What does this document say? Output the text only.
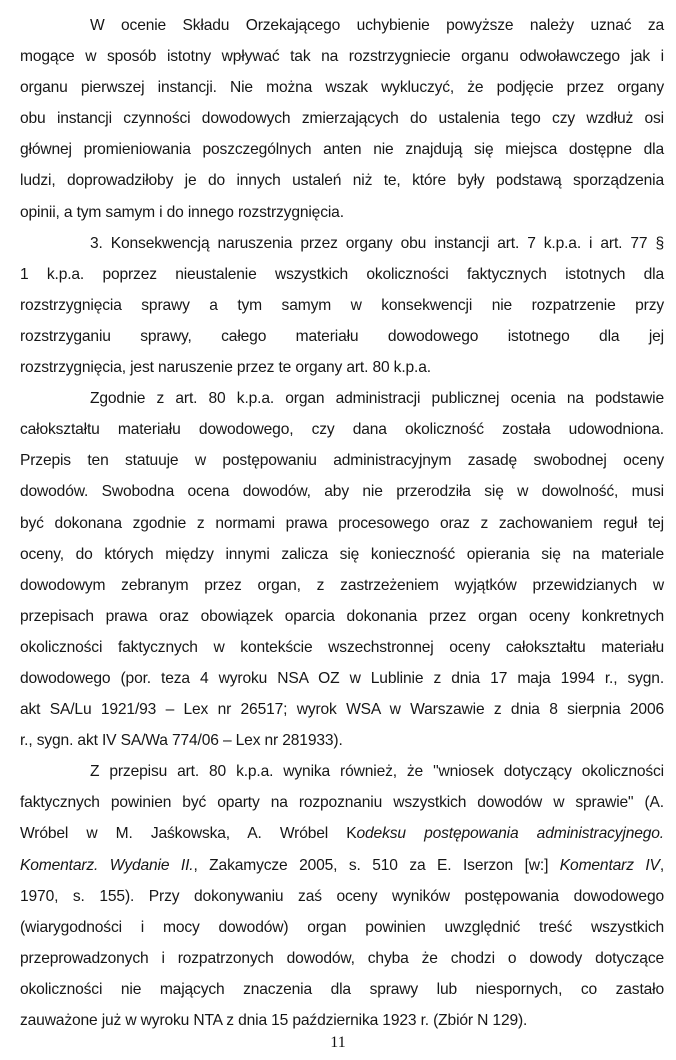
W ocenie Składu Orzekającego uchybienie powyższe należy uznać za
mogące w sposób istotny wpływać tak na rozstrzygniecie organu odwoławczego jak i
organu pierwszej instancji. Nie można wszak wykluczyć, że podjęcie przez organy
obu instancji czynności dowodowych zmierzających do ustalenia tego czy wzdłuż osi
głównej promieniowania poszczególnych anten nie znajdują się miejsca dostępne dla
ludzi, doprowadziłoby je do innych ustaleń niż te, które były podstawą sporządzenia
opinii, a tym samym i do innego rozstrzygnięcia.
3. Konsekwencją naruszenia przez organy obu instancji art. 7 k.p.a. i art. 77 §
1 k.p.a. poprzez nieustalenie wszystkich okoliczności faktycznych istotnych dla
rozstrzygnięcia sprawy a tym samym w konsekwencji nie rozpatrzenie przy
rozstrzyganiu sprawy, całego materiału dowodowego istotnego dla jej
rozstrzygnięcia, jest naruszenie przez te organy art. 80 k.p.a.
Zgodnie z art. 80 k.p.a. organ administracji publicznej ocenia na podstawie
całokształtu materiału dowodowego, czy dana okoliczność została udowodniona.
Przepis ten statuuje w postępowaniu administracyjnym zasadę swobodnej oceny
dowodów. Swobodna ocena dowodów, aby nie przerodziła się w dowolność, musi
być dokonana zgodnie z normami prawa procesowego oraz z zachowaniem reguł tej
oceny, do których między innymi zalicza się konieczność opierania się na materiale
dowodowym zebranym przez organ, z zastrzeżeniem wyjątków przewidzianych w
przepisach prawa oraz obowiązek oparcia dokonania przez organ oceny konkretnych
okoliczności faktycznych w kontekście wszechstronnej oceny całokształtu materiału
dowodowego (por. teza 4 wyroku NSA OZ w Lublinie z dnia 17 maja 1994 r., sygn.
akt SA/Lu 1921/93 – Lex nr 26517; wyrok WSA w Warszawie z dnia 8 sierpnia 2006
r., sygn. akt IV SA/Wa 774/06 – Lex nr 281933).
Z przepisu art. 80 k.p.a. wynika również, że "wniosek dotyczący okoliczności
faktycznych powinien być oparty na rozpoznaniu wszystkich dowodów w sprawie" (A.
Wróbel w M. Jaśkowska, A. Wróbel Kodeksu postępowania administracyjnego.
Komentarz. Wydanie II., Zakamycze 2005, s. 510 za E. Iserzon [w:] Komentarz IV,
1970, s. 155). Przy dokonywaniu zaś oceny wyników postępowania dowodowego
(wiarygodności i mocy dowodów) organ powinien uwzględnić treść wszystkich
przeprowadzonych i rozpatrzonych dowodów, chyba że chodzi o dowody dotyczące
okoliczności nie mających znaczenia dla sprawy lub niespornych, co zastało
zauważone już w wyroku NTA z dnia 15 października 1923 r. (Zbiór N 129).
11
